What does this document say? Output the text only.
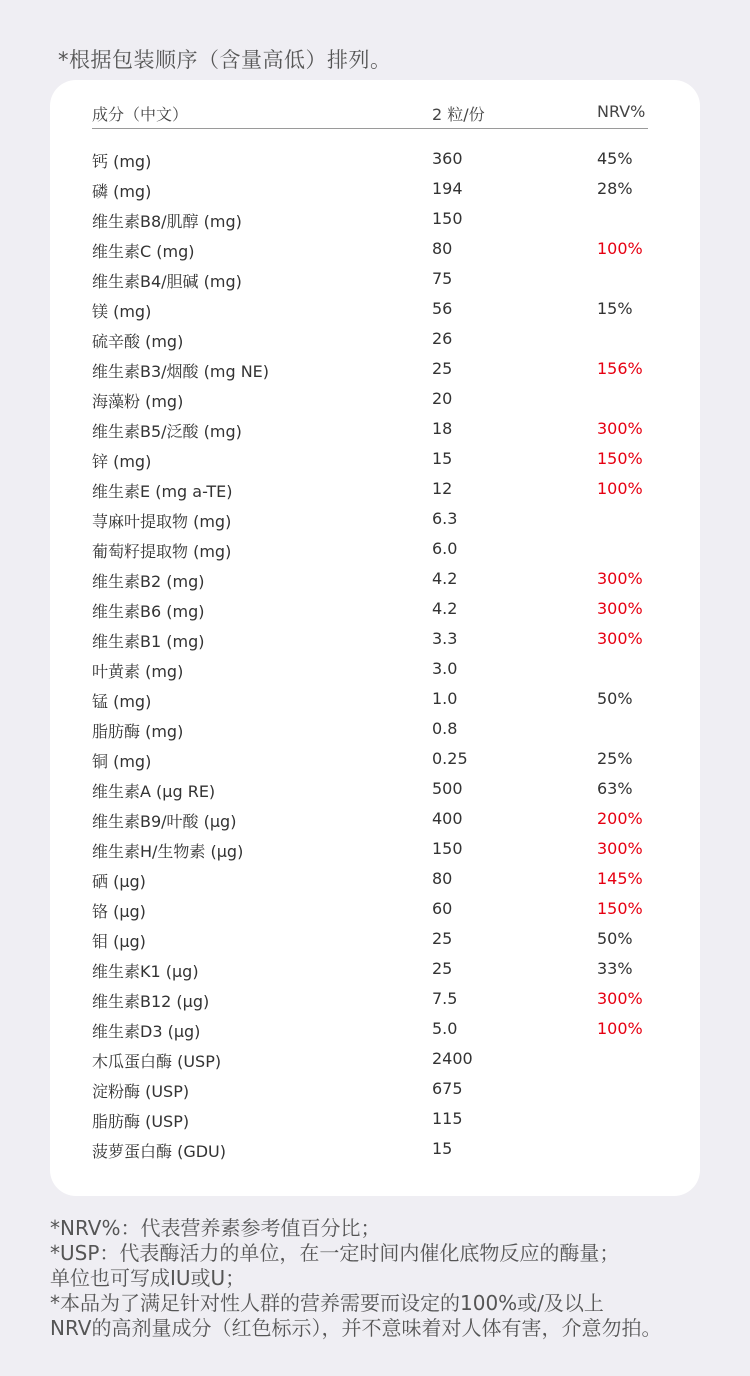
*根据包装顺序（含量高低）排列。
成分（中文）	2 粒/份	NRV%
钙 (mg)	360	45%
磷 (mg)	194	28%
维生素B8/肌醇 (mg)	150
维生素C (mg)	80	100%
维生素B4/胆碱 (mg)	75
镁 (mg)	56	15%
硫辛酸 (mg)	26
维生素B3/烟酸 (mg NE)	25	156%
海藻粉 (mg)	20
维生素B5/泛酸 (mg)	18	300%
锌 (mg)	15	150%
维生素E (mg a-TE)	12	100%
荨麻叶提取物 (mg)	6.3
葡萄籽提取物 (mg)	6.0
维生素B2 (mg)	4.2	300%
维生素B6 (mg)	4.2	300%
维生素B1 (mg)	3.3	300%
叶黄素 (mg)	3.0
锰 (mg)	1.0	50%
脂肪酶 (mg)	0.8
铜 (mg)	0.25	25%
维生素A (μg RE)	500	63%
维生素B9/叶酸 (μg)	400	200%
维生素H/生物素 (μg)	150	300%
硒 (μg)	80	145%
铬 (μg)	60	150%
钼 (μg)	25	50%
维生素K1 (μg)	25	33%
维生素B12 (μg)	7.5	300%
维生素D3 (μg)	5.0	100%
木瓜蛋白酶 (USP)	2400
淀粉酶 (USP)	675
脂肪酶 (USP)	115
菠萝蛋白酶 (GDU)	15
*NRV%：代表营养素参考值百分比；
*USP：代表酶活力的单位，在一定时间内催化底物反应的酶量；
单位也可写成IU或U；
*本品为了满足针对性人群的营养需要而设定的100%或/及以上
NRV的高剂量成分（红色标示），并不意味着对人体有害，介意勿拍。
